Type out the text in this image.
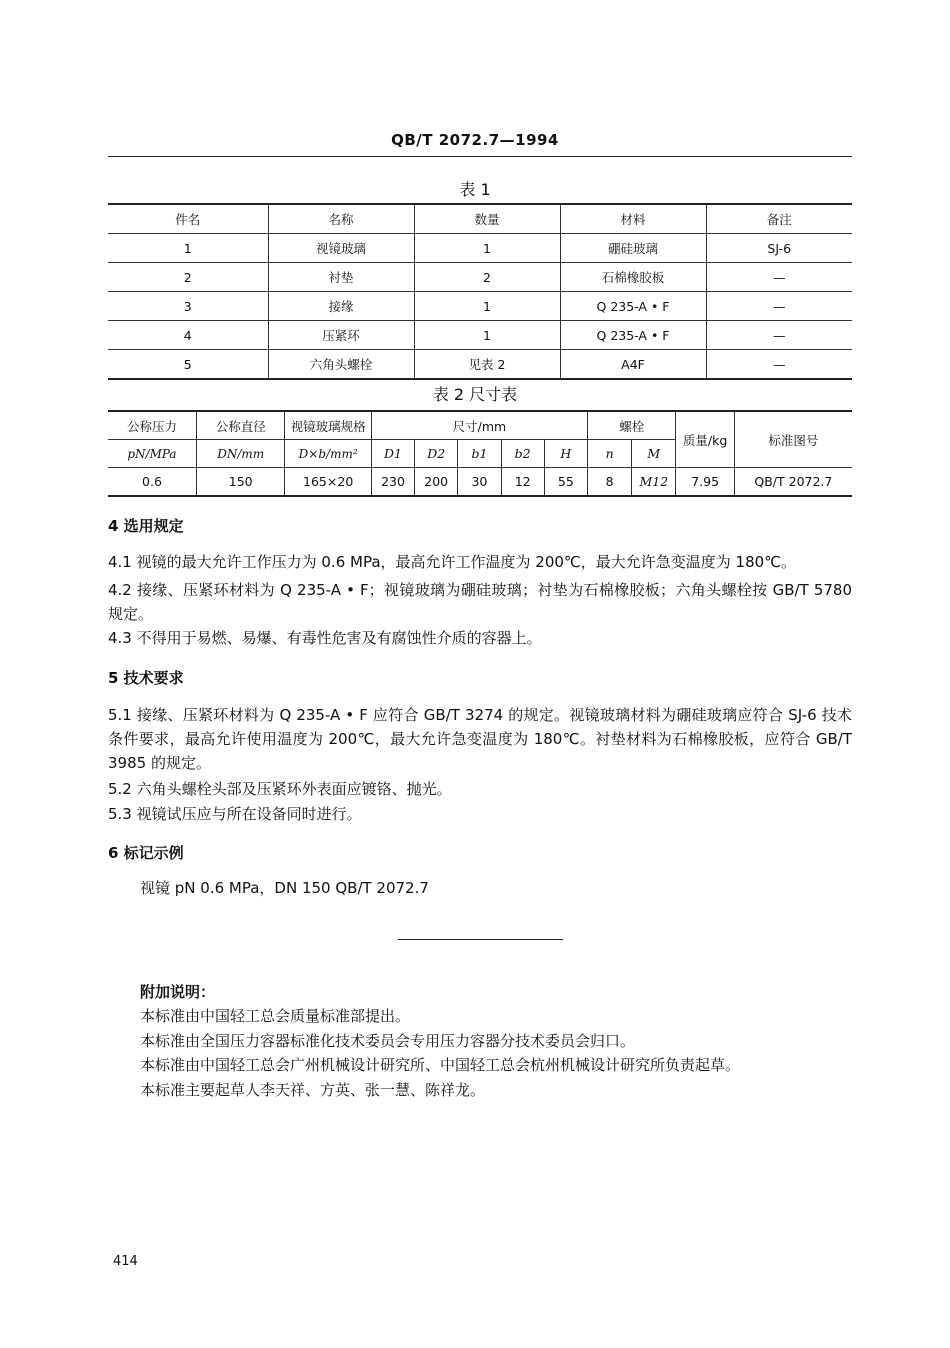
QB/T 2072.7—1994
表 1
件名	名称	数量	材料	备注
1	视镜玻璃	1	硼硅玻璃	SJ-6
2	衬垫	2	石棉橡胶板	—
3	接缘	1	Q 235-A • F	—
4	压紧环	1	Q 235-A • F	—
5	六角头螺栓	见表 2	A4F	—
表 2 尺寸表
公称压力	公称直径	视镜玻璃规格	尺寸/mm					螺栓		质量/kg	标准图号
pN/MPa	DN/mm	D×b/mm²	D1	D2	b1	b2	H	n	M		
0.6	150	165×20	230	200	30	12	55	8	M12	7.95	QB/T 2072.7
4 选用规定
4.1 视镜的最大允许工作压力为 0.6 MPa，最高允许工作温度为 200℃，最大允许急变温度为 180℃。
4.2 接缘、压紧环材料为 Q 235-A • F；视镜玻璃为硼硅玻璃；衬垫为石棉橡胶板；六角头螺栓按 GB/T 5780 规定。
4.3 不得用于易燃、易爆、有毒性危害及有腐蚀性介质的容器上。
5 技术要求
5.1 接缘、压紧环材料为 Q 235-A • F 应符合 GB/T 3274 的规定。视镜玻璃材料为硼硅玻璃应符合 SJ-6 技术条件要求，最高允许使用温度为 200℃，最大允许急变温度为 180℃。衬垫材料为石棉橡胶板，应符合 GB/T 3985 的规定。
5.2 六角头螺栓头部及压紧环外表面应镀铬、抛光。
5.3 视镜试压应与所在设备同时进行。
6 标记示例
视镜 pN 0.6 MPa，DN 150 QB/T 2072.7
附加说明：
本标准由中国轻工总会质量标准部提出。
本标准由全国压力容器标准化技术委员会专用压力容器分技术委员会归口。
本标准由中国轻工总会广州机械设计研究所、中国轻工总会杭州机械设计研究所负责起草。
本标准主要起草人李天祥、方英、张一慧、陈祥龙。
414
